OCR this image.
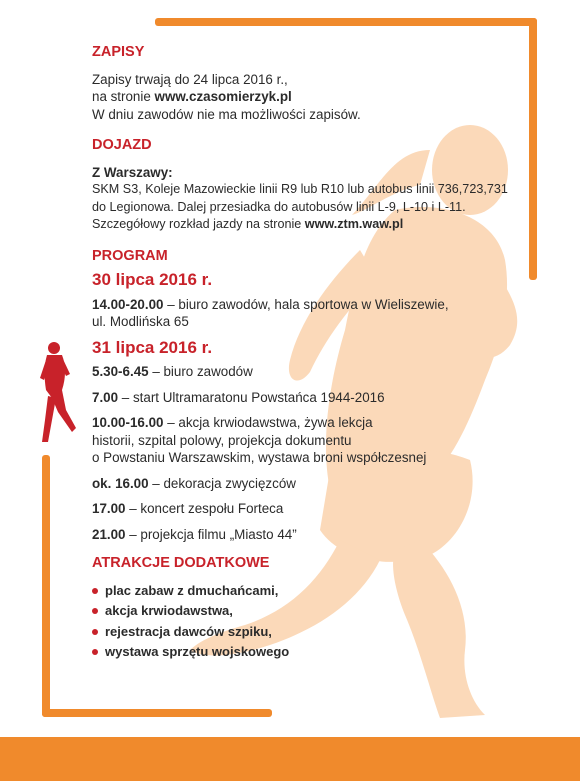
ZAPISY

Zapisy trwają do 24 lipca 2016 r.,

na stronie www.czasomierzyk.pl

W dniu zawodów nie ma możliwości zapisów.

DOJAZD

Z Warszawy:

SKM S3, Koleje Mazowieckie linii R9 lub R10 lub autobus linii 736,723,731

do Legionowa. Dalej przesiadka do autobusów linii L-9, L-10 i L-11.

Szczegółowy rozkład jazdy na stronie www.ztm.waw.pl

PROGRAM
30 lipca 2016 r.
14.00-20.00 – biuro zawodów, hala sportowa w Wieliszewie,
ul. Modlińska 65
31 lipca 2016 r.
5.30-6.45 – biuro zawodów
7.00 – start Ultramaratonu Powstańca 1944-2016
10.00-16.00 – akcja krwiodawstwa, żywa lekcja
historii, szpital polowy, projekcja dokumentu
o Powstaniu Warszawskim, wystawa broni współczesnej
ok. 16.00 – dekoracja zwycięzców
17.00 – koncert zespołu Forteca
21.00 – projekcja filmu „Miasto 44”
ATRAKCJE DODATKOWE
plac zabaw z dmuchańcami,
akcja krwiodawstwa,
rejestracja dawców szpiku,
wystawa sprzętu wojskowego
